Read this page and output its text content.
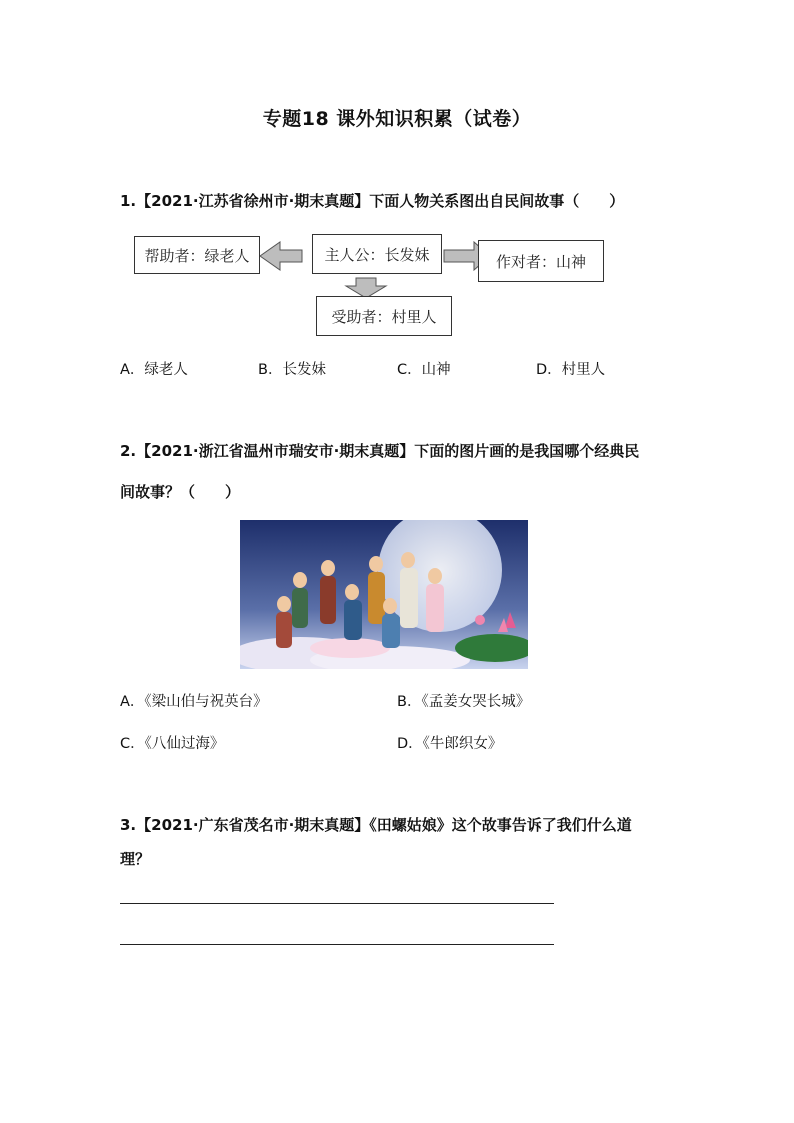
专题18 课外知识积累（试卷）
1.【2021·江苏省徐州市·期末真题】下面人物关系图出自民间故事（　　）
帮助者：绿老人	主人公：长发妹	作对者：山神
受助者：村里人
A．绿老人	B．长发妹	C．山神	D．村里人
2.【2021·浙江省温州市瑞安市·期末真题】下面的图片画的是我国哪个经典民
间故事？（　　）
A．《梁山伯与祝英台》	B．《孟姜女哭长城》
C．《八仙过海》	D．《牛郎织女》
3.【2021·广东省茂名市·期末真题】《田螺姑娘》这个故事告诉了我们什么道
理？
